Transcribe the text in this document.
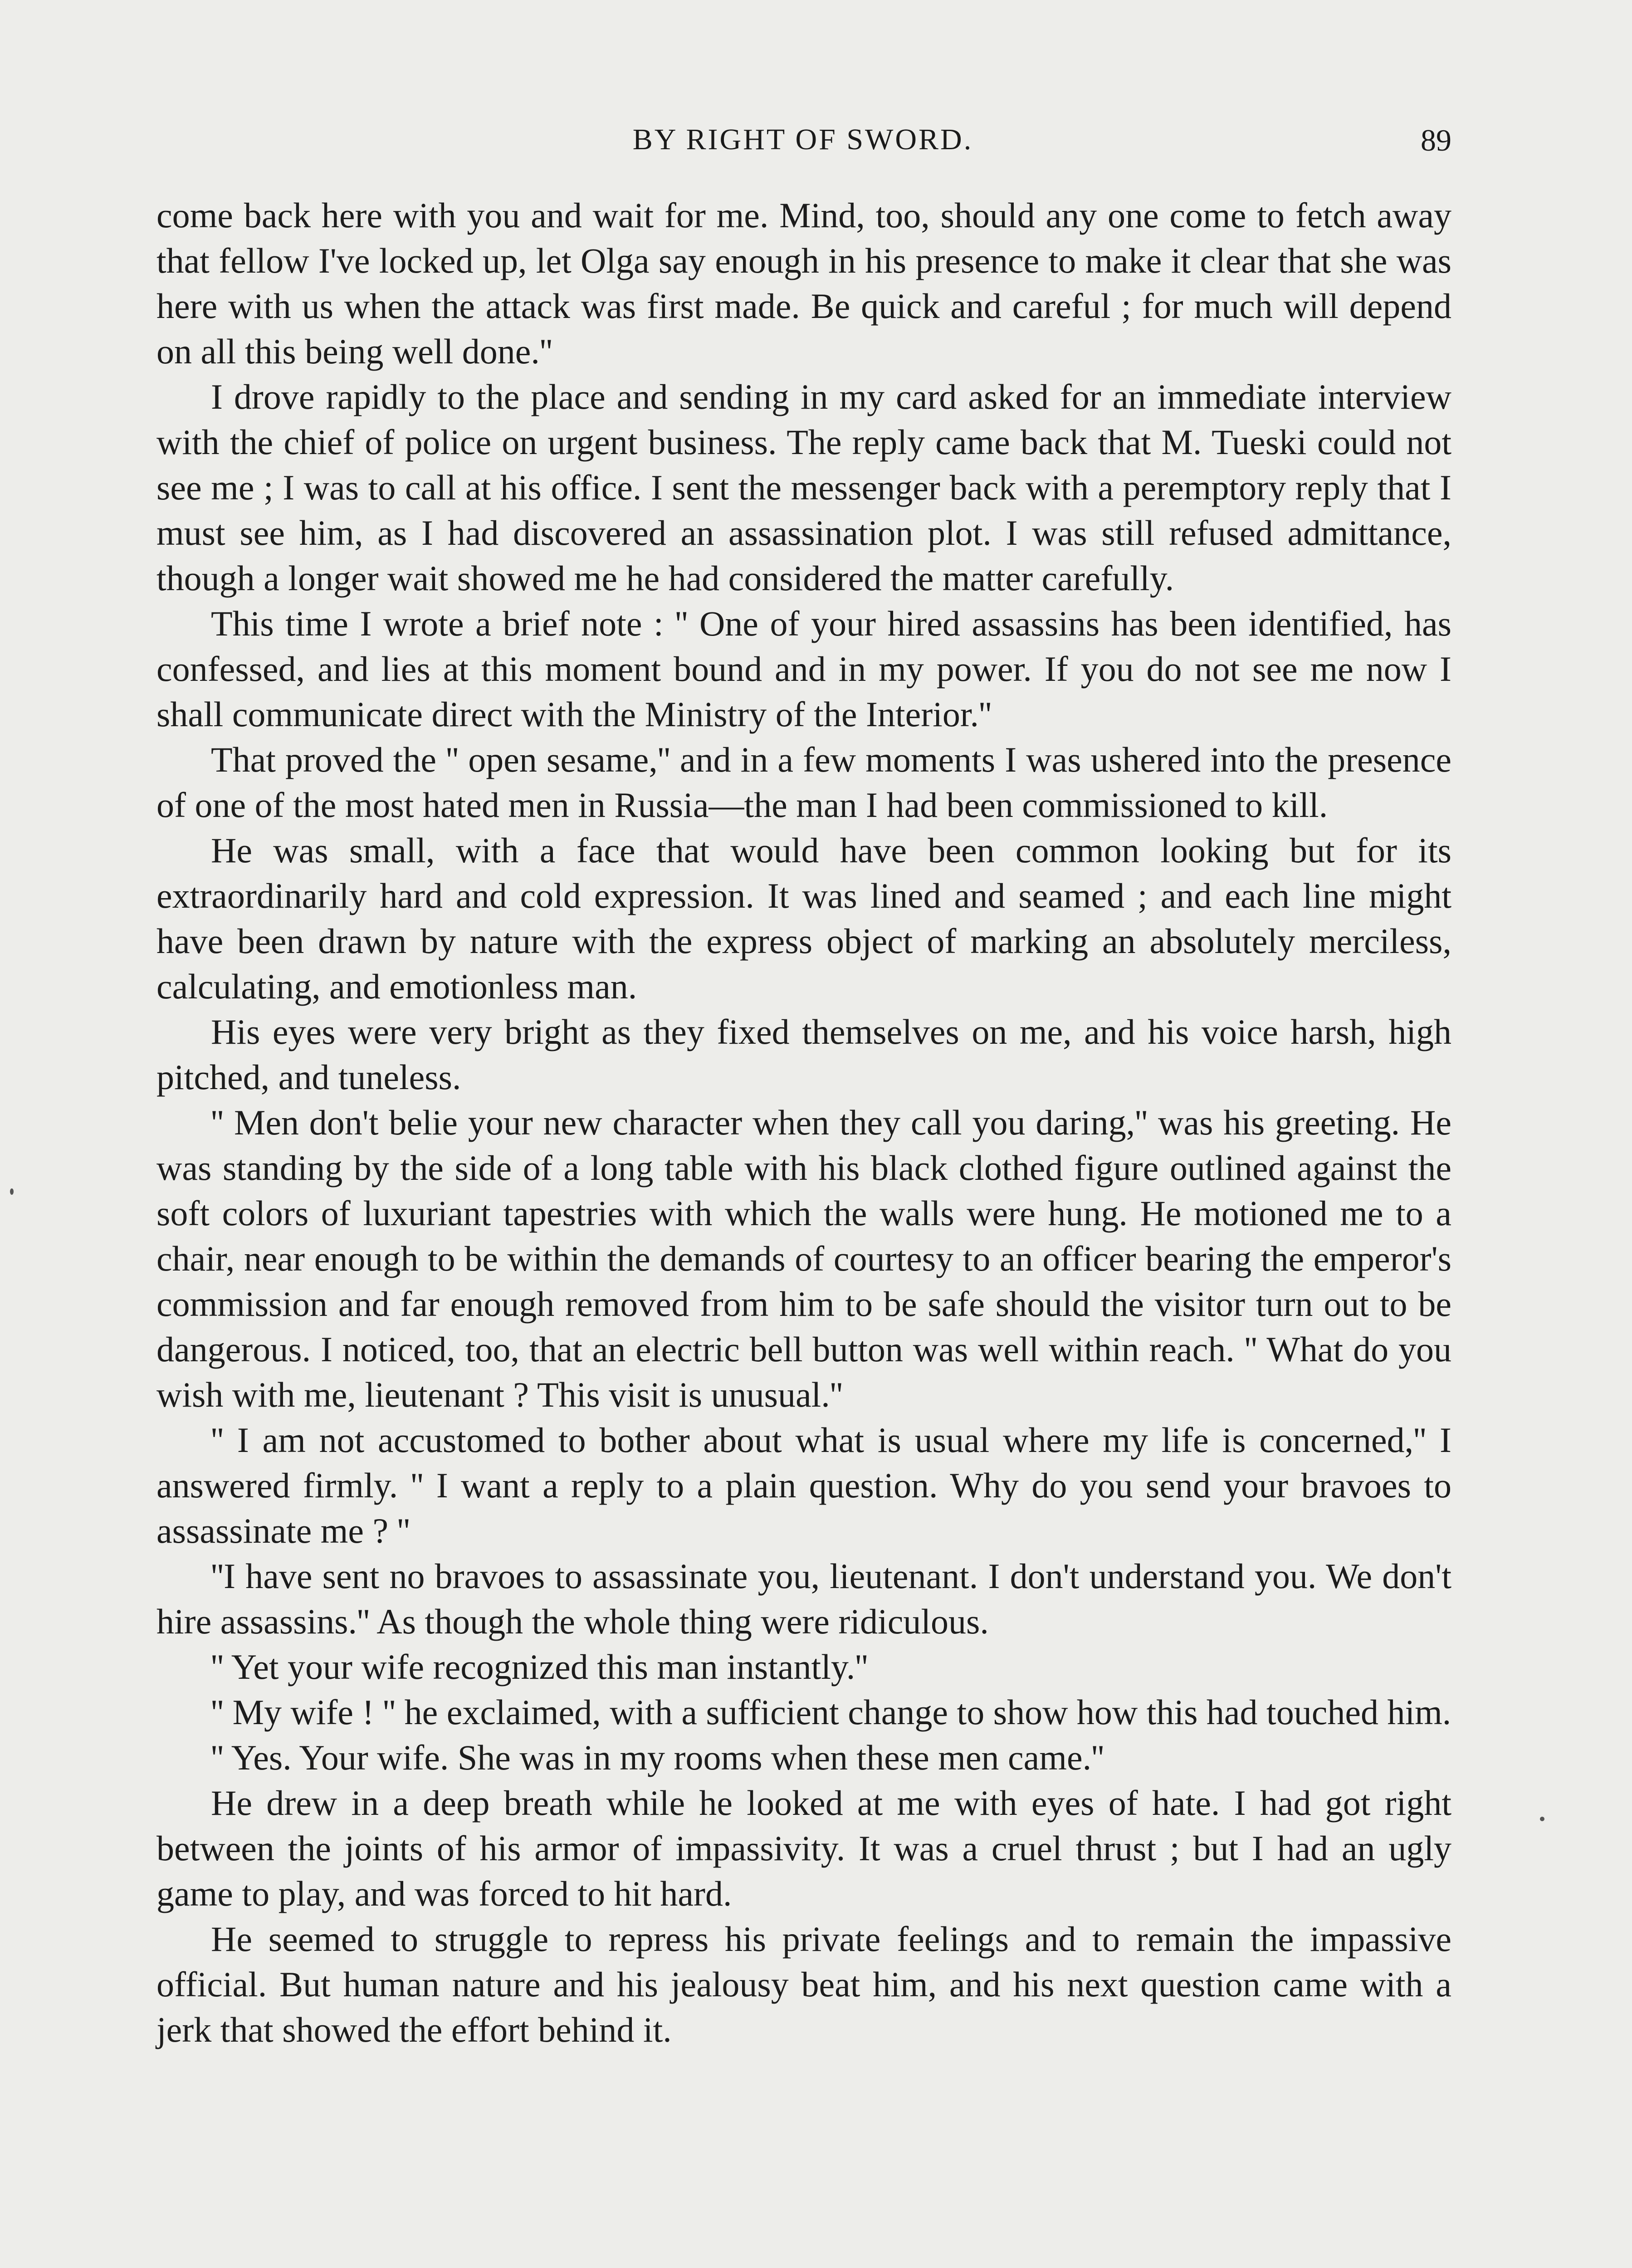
BY RIGHT OF SWORD.	89

come back here with you and wait for me. Mind, too, should any one come to fetch away that fellow I've locked up, let Olga say enough in his presence to make it clear that she was here with us when the attack was first made. Be quick and careful ; for much will depend on all this being well done.''

I drove rapidly to the place and sending in my card asked for an immediate interview with the chief of police on urgent business. The reply came back that M. Tueski could not see me ; I was to call at his office. I sent the messenger back with a peremptory reply that I must see him, as I had discovered an assassination plot. I was still refused admittance, though a longer wait showed me he had considered the matter carefully.

This time I wrote a brief note : '' One of your hired assassins has been identified, has confessed, and lies at this moment bound and in my power. If you do not see me now I shall communicate direct with the Ministry of the Interior.''

That proved the '' open sesame,'' and in a few moments I was ushered into the presence of one of the most hated men in Russia—the man I had been commissioned to kill.

He was small, with a face that would have been common looking but for its extraordinarily hard and cold expression. It was lined and seamed ; and each line might have been drawn by nature with the express object of marking an absolutely merciless, calculating, and emotionless man.

His eyes were very bright as they fixed themselves on me, and his voice harsh, high pitched, and tuneless.

'' Men don't belie your new character when they call you daring,'' was his greeting. He was standing by the side of a long table with his black clothed figure outlined against the soft colors of luxuriant tapestries with which the walls were hung. He motioned me to a chair, near enough to be within the demands of courtesy to an officer bearing the emperor's commission and far enough removed from him to be safe should the visitor turn out to be dangerous. I noticed, too, that an electric bell button was well within reach. '' What do you wish with me, lieutenant ? This visit is unusual.''

'' I am not accustomed to bother about what is usual where my life is concerned,'' I answered firmly. '' I want a reply to a plain question. Why do you send your bravoes to assassinate me ? ''

''I have sent no bravoes to assassinate you, lieutenant. I don't understand you. We don't hire assassins.'' As though the whole thing were ridiculous.

'' Yet your wife recognized this man instantly.''

'' My wife ! '' he exclaimed, with a sufficient change to show how this had touched him.

'' Yes. Your wife. She was in my rooms when these men came.''

He drew in a deep breath while he looked at me with eyes of hate. I had got right between the joints of his armor of impassivity. It was a cruel thrust ; but I had an ugly game to play, and was forced to hit hard.

He seemed to struggle to repress his private feelings and to remain the impassive official. But human nature and his jealousy beat him, and his next question came with a jerk that showed the effort behind it.
